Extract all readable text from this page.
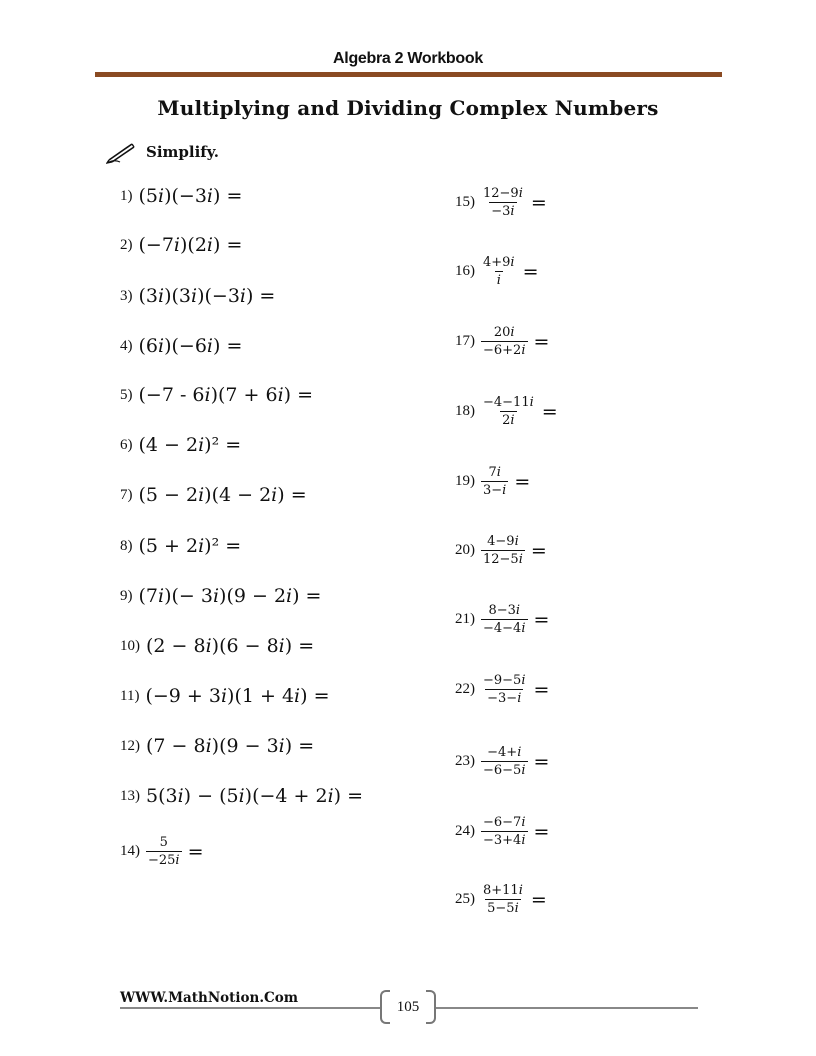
Algebra 2 Workbook
Multiplying and Dividing Complex Numbers
Simplify.
1) (5𝑖)(−3𝑖) =
2) (−7𝑖)(2𝑖) =
3) (3𝑖)(3𝑖)(−3𝑖) =
4) (6𝑖)(−6𝑖) =
5) (−7 - 6𝑖)(7 + 6𝑖) =
6) (4 − 2𝑖)² =
7) (5 − 2𝑖)(4 − 2𝑖) =
8) (5 + 2𝑖)² =
9) (7𝑖)(− 3𝑖)(9 − 2𝑖) =
10) (2 − 8𝑖)(6 − 8𝑖) =
11) (−9 + 3𝑖)(1 + 4𝑖) =
12) (7 − 8𝑖)(9 − 3𝑖) =
13) 5(3𝑖) − (5𝑖)(−4 + 2𝑖) =
$15) \frac{\text{12−9𝑖}}{\text{−3𝑖}}$ =
$16) \frac{\text{4+9𝑖}}{\text{𝑖}}$ =
$17) \frac{\text{20𝑖}}{\text{−6+2𝑖}}$ =
$18) \frac{\text{−4−11𝑖}}{\text{2𝑖}}$ =
$19) \frac{\text{7𝑖}}{\text{3−𝑖}}$ =
$20) \frac{\text{4−9𝑖}}{\text{12−5𝑖}}$ =
$21) \frac{\text{8−3𝑖}}{\text{−4−4𝑖}}$ =
$22) \frac{\text{−9−5𝑖}}{\text{−3−𝑖}}$ =
$23) \frac{\text{−4+𝑖}}{\text{−6−5𝑖}}$ =
$24) \frac{\text{−6−7𝑖}}{\text{−3+4𝑖}}$ =
$25) \frac{\text{8+11𝑖}}{\text{5−5𝑖}}$ =
$14) \frac{5}{\text{−25𝑖}}$ =
WWW.MathNotion.Com
105
